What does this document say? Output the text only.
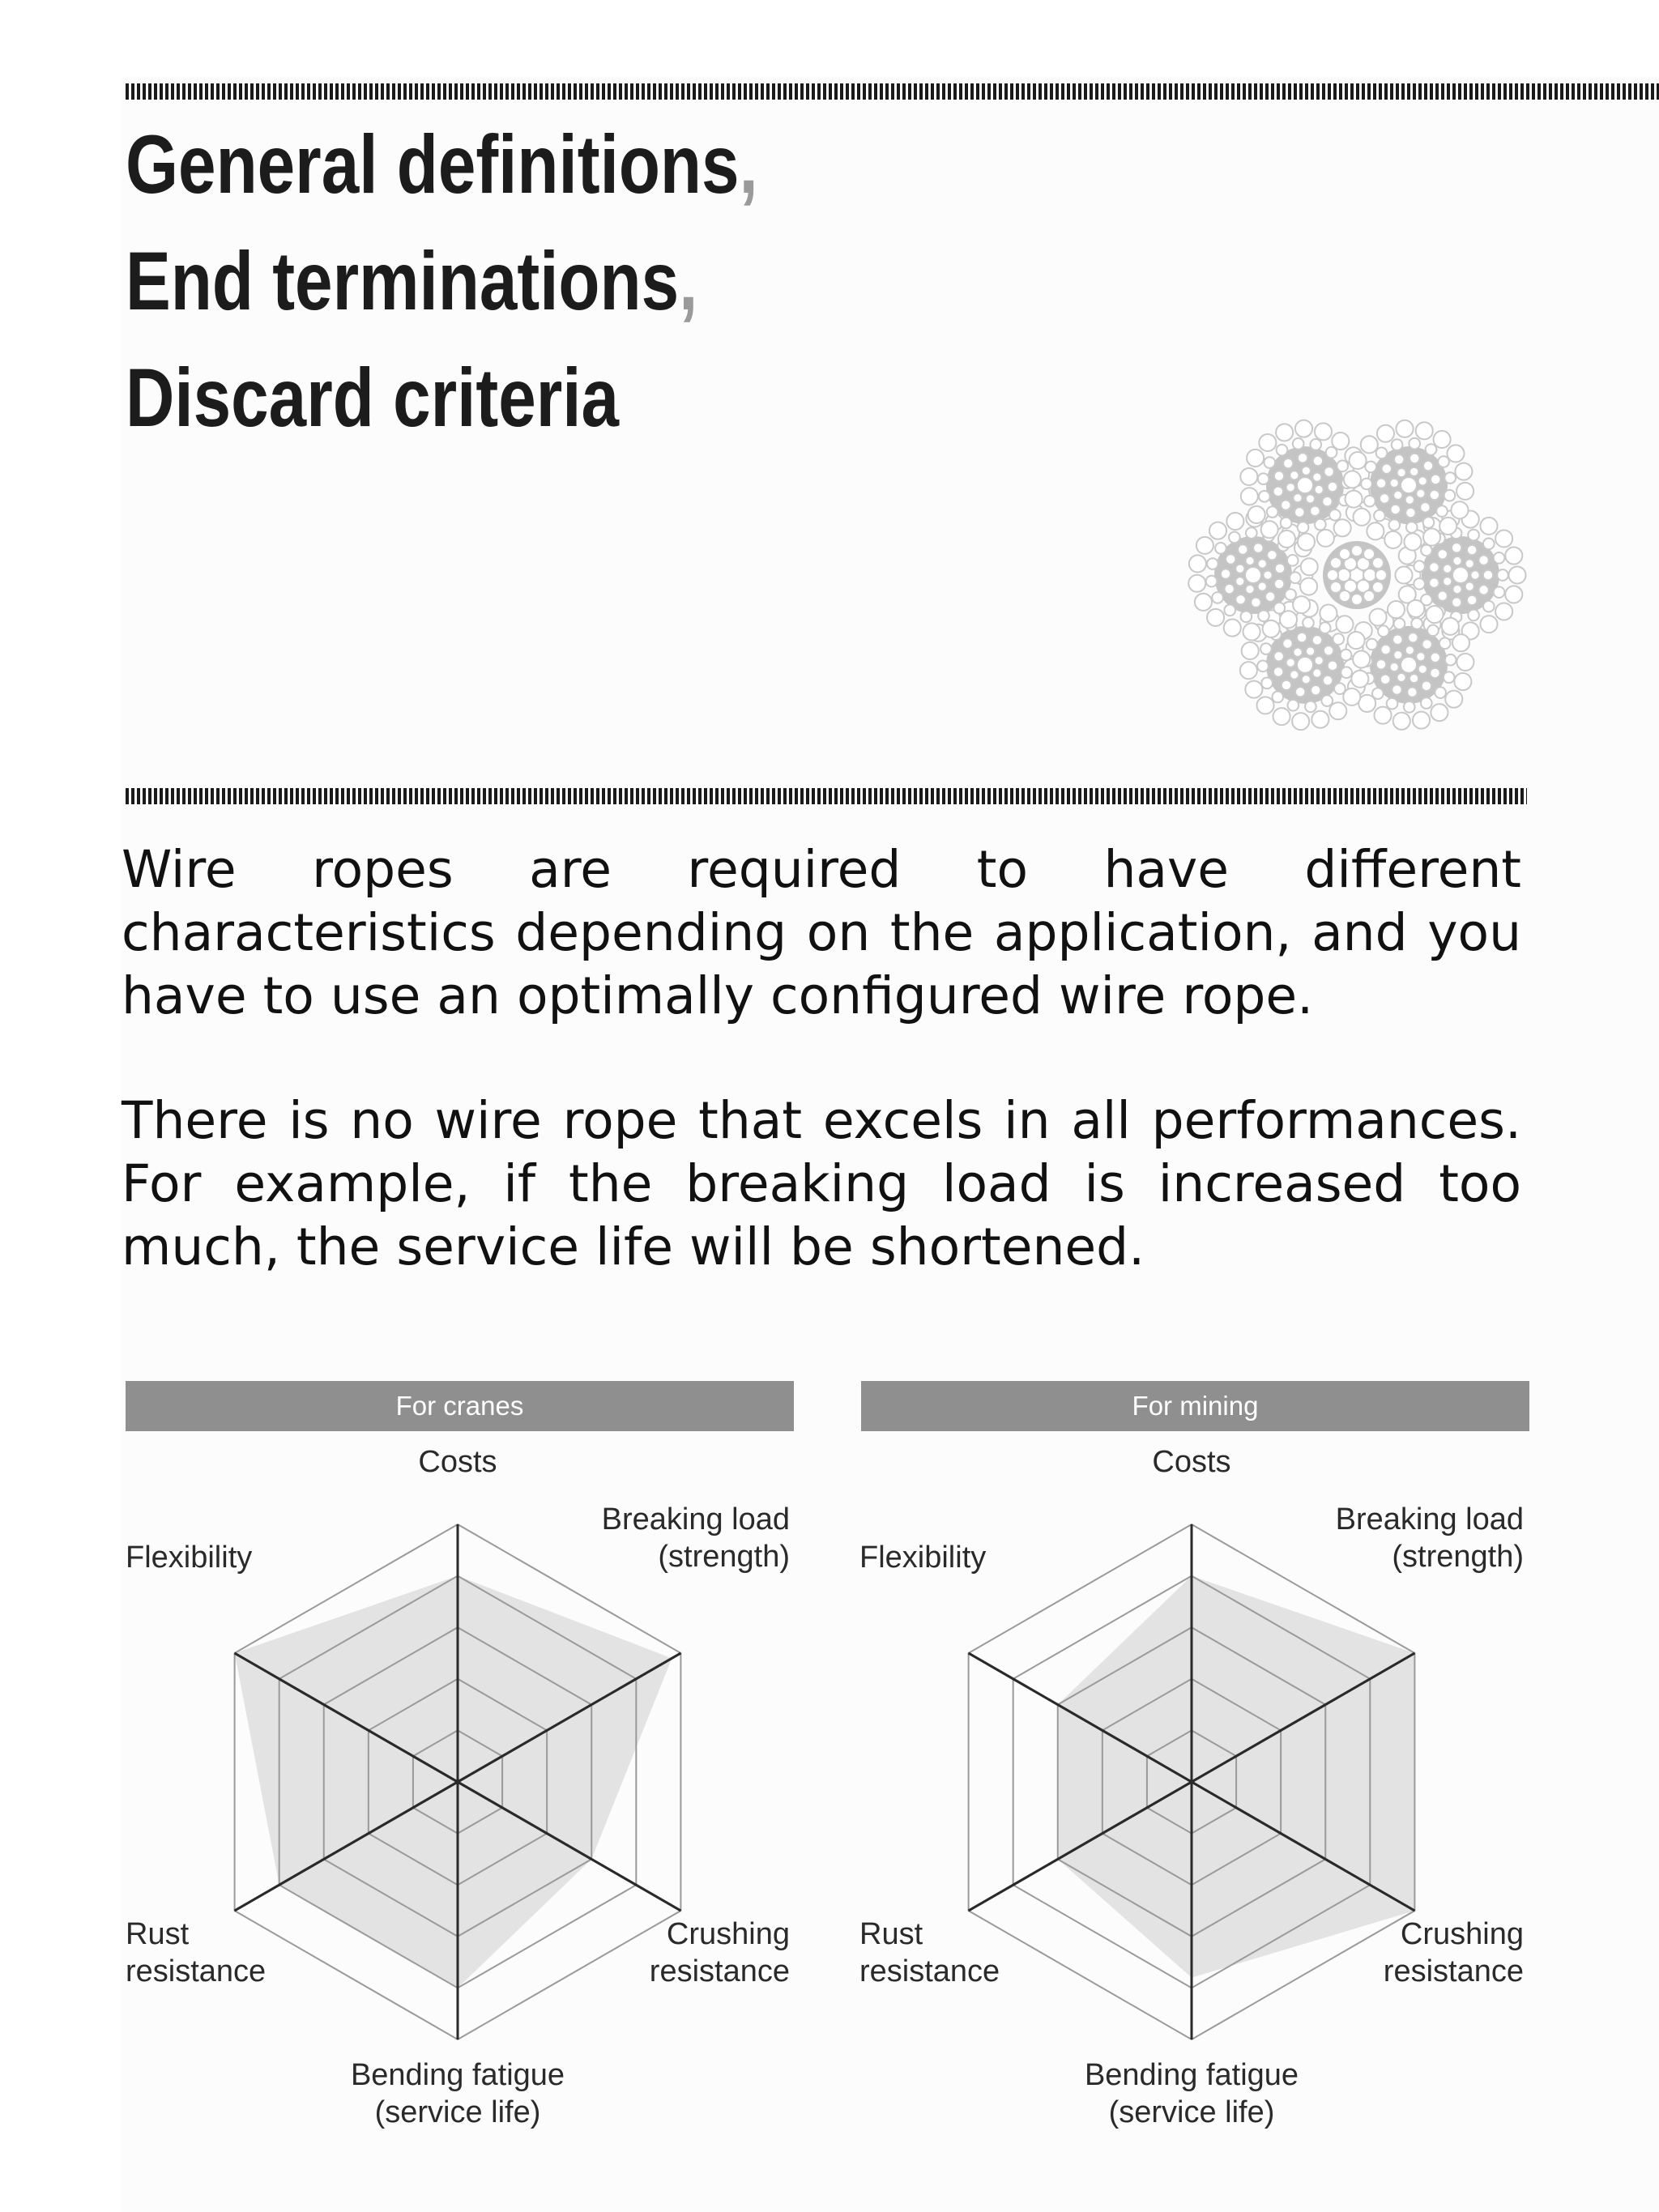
General definitions,
End terminations,
Discard criteria

Wire ropes are required to have different characteristics depending on the application, and you have to use an optimally configured wire rope.

There is no wire rope that excels in all performances. For example, if the breaking load is increased too much, the service life will be shortened.

For cranes	For mining
Costs
Breaking load (strength)
Crushing resistance
Bending fatigue (service life)
Rust resistance
Flexibility
Costs
Breaking load (strength)
Crushing resistance
Bending fatigue (service life)
Rust resistance
Flexibility
